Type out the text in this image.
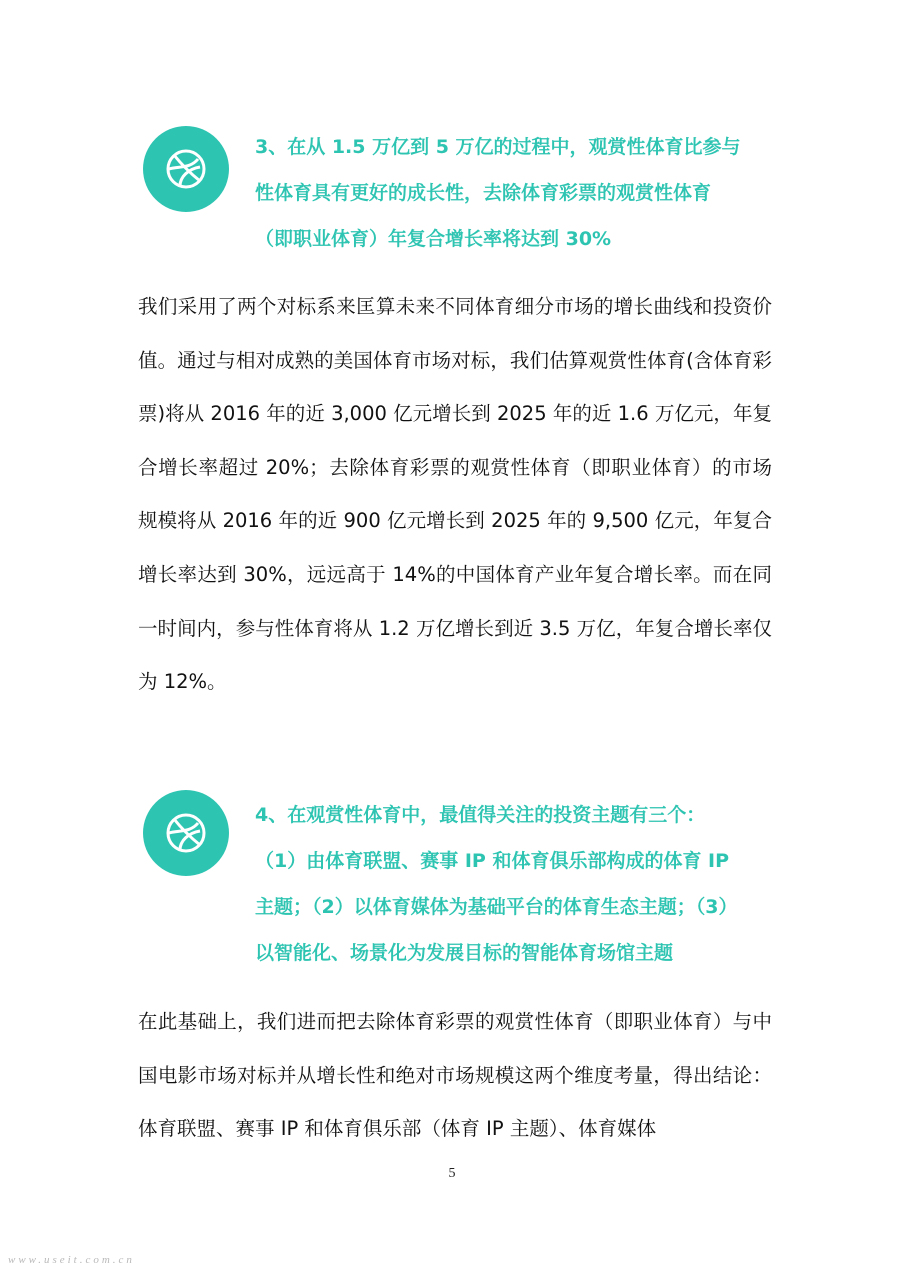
3、在从 1.5 万亿到 5 万亿的过程中，观赏性体育比参与
性体育具有更好的成长性，去除体育彩票的观赏性体育
（即职业体育）年复合增长率将达到 30%

我们采用了两个对标系来匡算未来不同体育细分市场的增长曲线和投资价值。通过与相对成熟的美国体育市场对标，我们估算观赏性体育(含体育彩票)将从 2016 年的近 3,000 亿元增长到 2025 年的近 1.6 万亿元，年复合增长率超过 20%；去除体育彩票的观赏性体育（即职业体育）的市场规模将从 2016 年的近 900 亿元增长到 2025 年的 9,500 亿元，年复合增长率达到 30%，远远高于 14%的中国体育产业年复合增长率。而在同一时间内，参与性体育将从 1.2 万亿增长到近 3.5 万亿，年复合增长率仅为 12%。

4、在观赏性体育中，最值得关注的投资主题有三个：
（1）由体育联盟、赛事 IP 和体育俱乐部构成的体育 IP
主题；（2）以体育媒体为基础平台的体育生态主题；（3）
以智能化、场景化为发展目标的智能体育场馆主题

在此基础上，我们进而把去除体育彩票的观赏性体育（即职业体育）与中国电影市场对标并从增长性和绝对市场规模这两个维度考量，得出结论：体育联盟、赛事 IP 和体育俱乐部（体育 IP 主题）、体育媒体

5
www.useit.com.cn
